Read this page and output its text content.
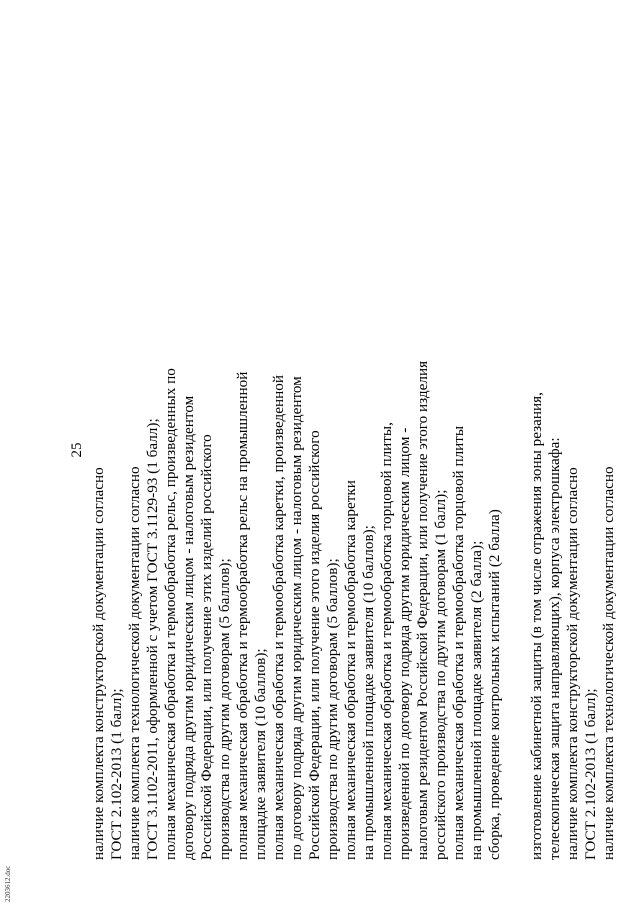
25
наличие комплекта конструкторской документации согласно ГОСТ 2.102-2013 (1 балл); наличие комплекта технологической документации согласно ГОСТ 3.1102-2011, оформленной с учетом ГОСТ 3.1129-93 (1 балл); полная механическая обработка и термообработка рельс, произведенных по договору подряда другим юридическим лицом - налоговым резидентом Российской Федерации, или получение этих изделий российского производства по другим договорам (5 баллов); полная механическая обработка и термообработка рельс на промышленной площадке заявителя (10 баллов); полная механическая обработка и термообработка каретки, произведенной по договору подряда другим юридическим лицом - налоговым резидентом Российской Федерации, или получение этого изделия российского производства по другим договорам (5 баллов); полная механическая обработка и термообработка каретки на промышленной площадке заявителя (10 баллов); полная механическая обработка и термообработка торцовой плиты, произведенной по договору подряда другим юридическим лицом - налоговым резидентом Российской Федерации, или получение этого изделия российского производства по другим договорам (1 балл); полная механическая обработка и термообработка торцовой плиты на промышленной площадке заявителя (2 балла); сборка, проведение контрольных испытаний (2 балла) изготовление кабинетной защиты (в том числе отражения зоны резания, телескопическая защита направляющих), корпуса электрошкафа: наличие комплекта конструкторской документации согласно ГОСТ 2.102-2013 (1 балл); наличие комплекта технологической документации согласно
2203612.doc
